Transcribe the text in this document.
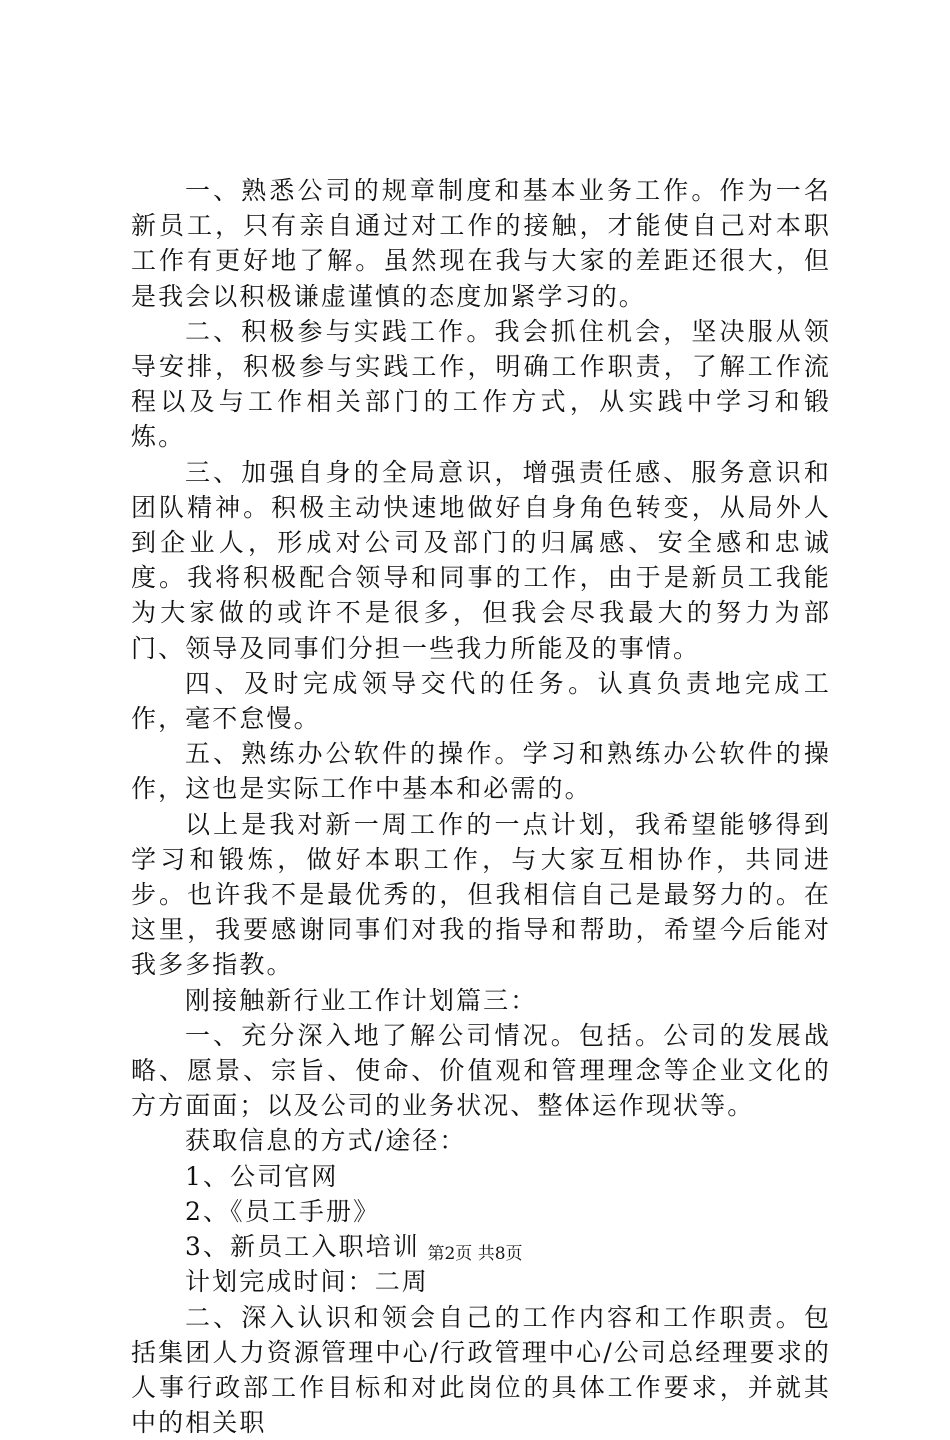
一、熟悉公司的规章制度和基本业务工作。作为一名新员工，只有亲自通过对工作的接触，才能使自己对本职工作有更好地了解。虽然现在我与大家的差距还很大，但是我会以积极谦虚谨慎的态度加紧学习的。

二、积极参与实践工作。我会抓住机会，坚决服从领导安排，积极参与实践工作，明确工作职责，了解工作流程以及与工作相关部门的工作方式，从实践中学习和锻炼。

三、加强自身的全局意识，增强责任感、服务意识和团队精神。积极主动快速地做好自身角色转变，从局外人到企业人，形成对公司及部门的归属感、安全感和忠诚度。我将积极配合领导和同事的工作，由于是新员工我能为大家做的或许不是很多，但我会尽我最大的努力为部门、领导及同事们分担一些我力所能及的事情。

四、及时完成领导交代的任务。认真负责地完成工作，毫不怠慢。

五、熟练办公软件的操作。学习和熟练办公软件的操作，这也是实际工作中基本和必需的。

以上是我对新一周工作的一点计划，我希望能够得到学习和锻炼，做好本职工作，与大家互相协作，共同进步。也许我不是最优秀的，但我相信自己是最努力的。在这里，我要感谢同事们对我的指导和帮助，希望今后能对我多多指教。

刚接触新行业工作计划篇三：

一、充分深入地了解公司情况。包括。公司的发展战略、愿景、宗旨、使命、价值观和管理理念等企业文化的方方面面；以及公司的业务状况、整体运作现状等。

获取信息的方式/途径：

1、公司官网

2、《员工手册》

3、新员工入职培训

计划完成时间：二周

二、深入认识和领会自己的工作内容和工作职责。包括集团人力资源管理中心/行政管理中心/公司总经理要求的人事行政部工作目标和对此岗位的具体工作要求，并就其中的相关职

第2页 共8页
